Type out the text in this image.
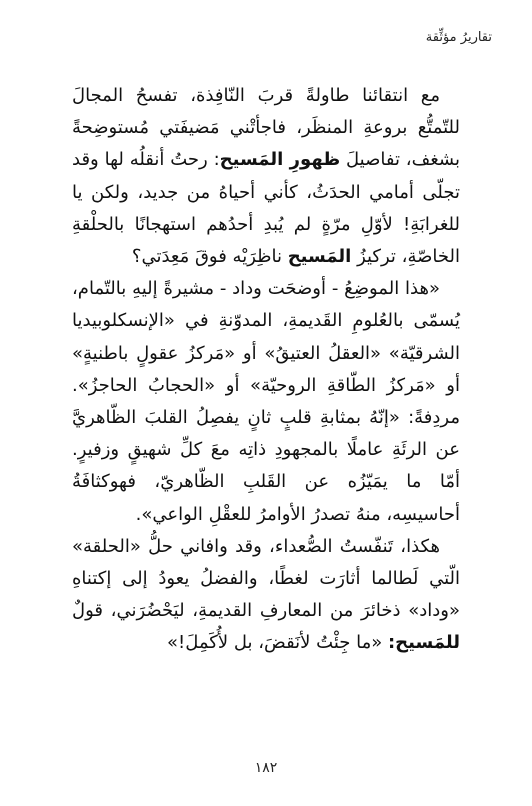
تقاريرُ مؤثِّقة

مع انتقائنا طاولةً قربَ النّافِذة، تفسحُ المجالَ للتّمتُّع بروعةِ المنظَر، فاجأتْني مَضيفَتي مُستوضِحةً بشغف، تفاصيلَ ظهورِ المَسيح: رحتُ أنقلُه لها وقد تجلّى أمامي الحدَثُ، كأني أحياهُ من جديد، ولكن يا للغرابَةِ! لأوّلِ مرّةٍ لم يُبدِ أحدُهم استهجانًا بالحلْقةِ الخاصّةِ، تركيزُ المَسيح ناظِرَيْه فوقَ مَعِدَتي؟

«هذا الموضِعُ - أوضحَت وداد - مشيرةً إليهِ بالتّمام، يُسمّى بالعُلومِ القَديمةِ، المدوّنةِ في «الإنسكلوبيديا الشرقيّة» «العقلُ العتيقُ» أو «مَركزُ عقولٍ باطنيةٍ» أو «مَركزُ الطّاقةِ الروحيّة» أو «الحجابُ الحاجزُ». مردِفةً: «إنّهُ بمثابةِ قلبٍ ثانٍ يفصِلُ القلبَ الظّاهريَّ عن الرئَةِ عاملًا بالمجهودِ ذاتِه معَ كلِّ شهيقٍ وزفيرٍ. أمّا ما يمَيّزُه عن القَلبِ الظّاهريّ، فهوكثافَةُ أحاسيسِه، منهُ تصدرُ الأوامرُ للعقْلِ الواعي».

هكذا، تَنفّستُ الصُّعداء، وقد وافاني حلُّ «الحلقة» الّتي لَطالما أثارَت لغطًا، والفضلُ يعودُ إلى إكتناهِ «وداد» ذخائرَ من المعارفِ القديمةِ، ليَحْضُرَني، قولٌ للمَسيح: «ما جِئْتُ لأنَقضَ، بل لأُكَمِلَ!»

١٨٢
